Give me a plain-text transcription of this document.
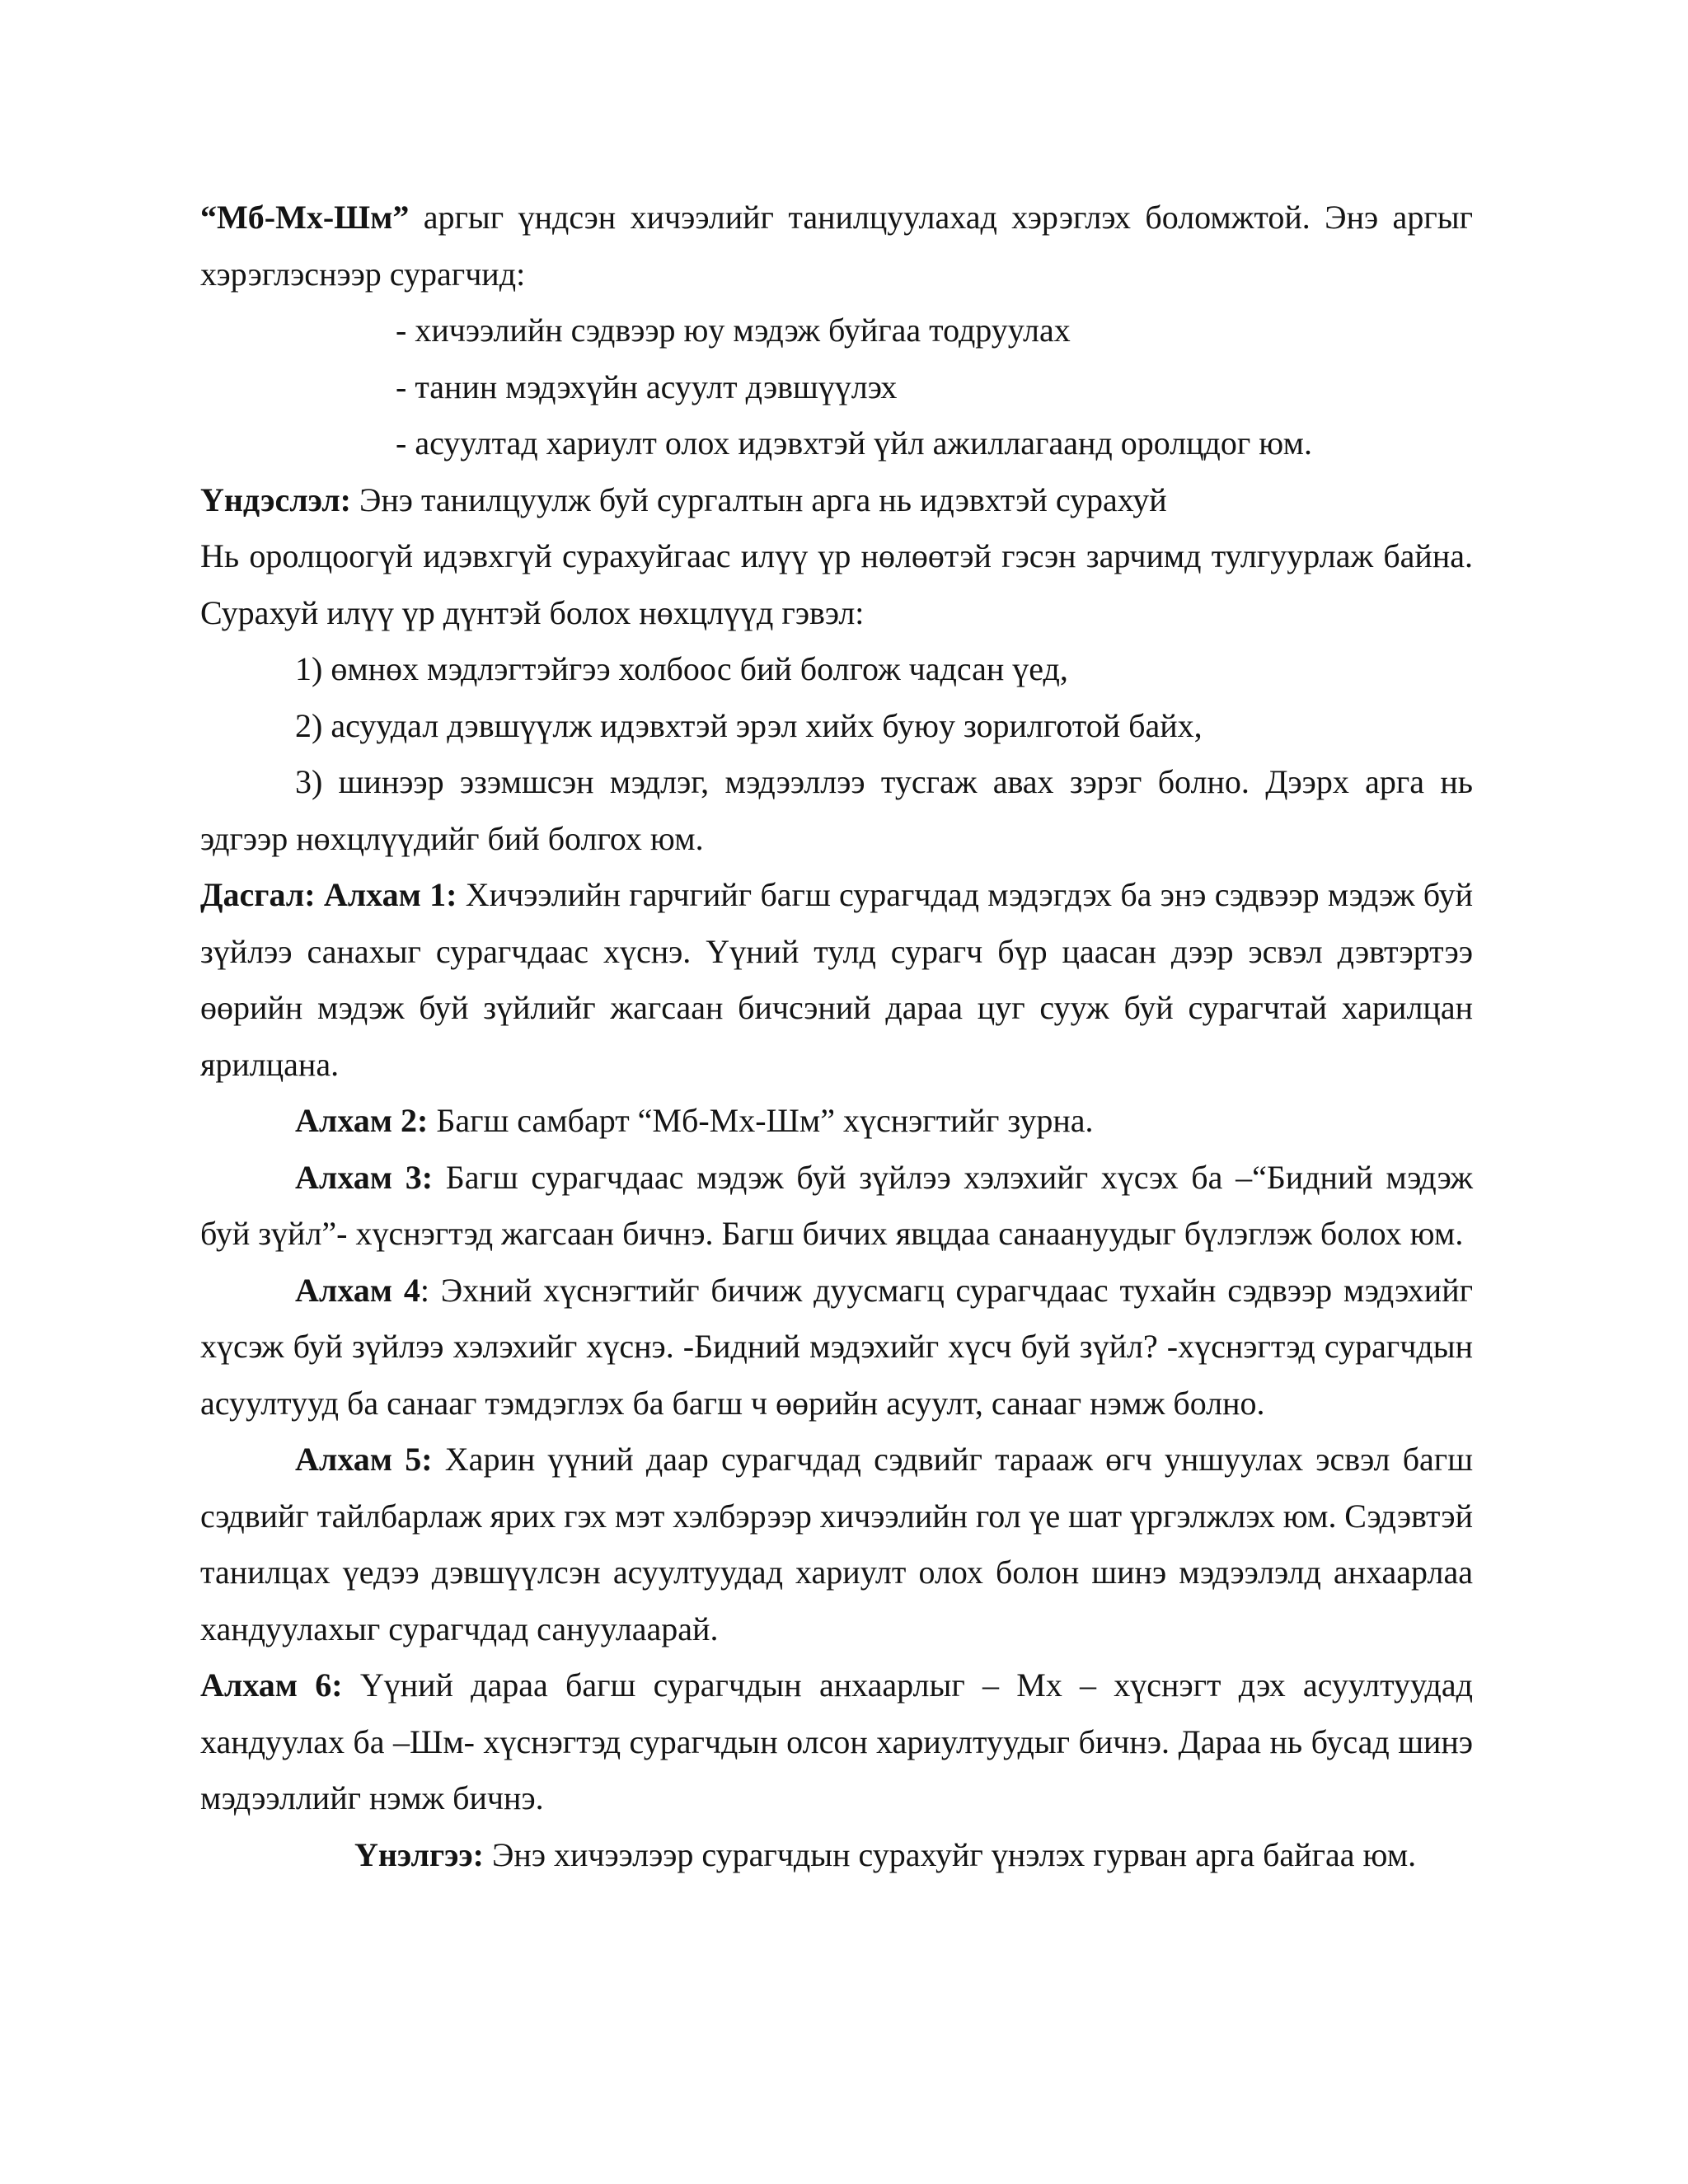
“Мб-Мх-Шм” аргыг үндсэн хичээлийг танилцуулахад хэрэглэх боломжтой. Энэ аргыг
хэрэглэснээр сурагчид:
- хичээлийн сэдвээр юу мэдэж буйгаа тодруулах
- танин мэдэхүйн асуулт дэвшүүлэх
- асуултад хариулт олох идэвхтэй үйл ажиллагаанд оролцдог юм.
Үндэслэл: Энэ танилцуулж буй сургалтын арга нь идэвхтэй сурахуй
Нь оролцоогүй идэвхгүй сурахуйгаас илүү үр нөлөөтэй гэсэн зарчимд тулгуурлаж байна.
Сурахуй илүү үр дүнтэй болох нөхцлүүд гэвэл:
1) өмнөх мэдлэгтэйгээ холбоос бий болгож чадсан үед,
2) асуудал дэвшүүлж идэвхтэй эрэл хийх буюу зорилготой байх,
3) шинээр эзэмшсэн мэдлэг, мэдээллээ тусгаж авах зэрэг болно. Дээрх арга нь
эдгээр нөхцлүүдийг бий болгох юм.
Дасгал: Алхам 1: Хичээлийн гарчгийг багш сурагчдад мэдэгдэх ба энэ сэдвээр мэдэж буй
зүйлээ санахыг сурагчдаас хүснэ. Үүний тулд сурагч бүр цаасан дээр эсвэл дэвтэртээ
өөрийн мэдэж буй зүйлийг жагсаан бичсэний дараа цуг сууж буй сурагчтай харилцан
ярилцана.
Алхам 2: Багш самбарт “Мб-Мх-Шм” хүснэгтийг зурна.
Алхам 3: Багш сурагчдаас мэдэж буй зүйлээ хэлэхийг хүсэх ба –“Бидний мэдэж
буй зүйл”- хүснэгтэд жагсаан бичнэ. Багш бичих явцдаа санаануудыг бүлэглэж болох юм.
Алхам 4: Эхний хүснэгтийг бичиж дуусмагц сурагчдаас тухайн сэдвээр мэдэхийг
хүсэж буй зүйлээ хэлэхийг хүснэ. -Бидний мэдэхийг хүсч буй зүйл? -хүснэгтэд сурагчдын
асуултууд ба санааг тэмдэглэх ба багш ч өөрийн асуулт, санааг нэмж болно.
Алхам 5: Харин үүний даар сурагчдад сэдвийг тарааж өгч уншуулах эсвэл багш
сэдвийг тайлбарлаж ярих гэх мэт хэлбэрээр хичээлийн гол үе шат үргэлжлэх юм. Сэдэвтэй
танилцах үедээ дэвшүүлсэн асуултуудад хариулт олох болон шинэ мэдээлэлд анхаарлаа
хандуулахыг сурагчдад сануулаарай.
Алхам 6: Үүний дараа багш сурагчдын анхаарлыг – Мх – хүснэгт дэх асуултуудад
хандуулах ба –Шм- хүснэгтэд сурагчдын олсон хариултуудыг бичнэ. Дараа нь бусад шинэ
мэдээллийг нэмж бичнэ.
Үнэлгээ: Энэ хичээлээр сурагчдын сурахуйг үнэлэх гурван арга байгаа юм.
